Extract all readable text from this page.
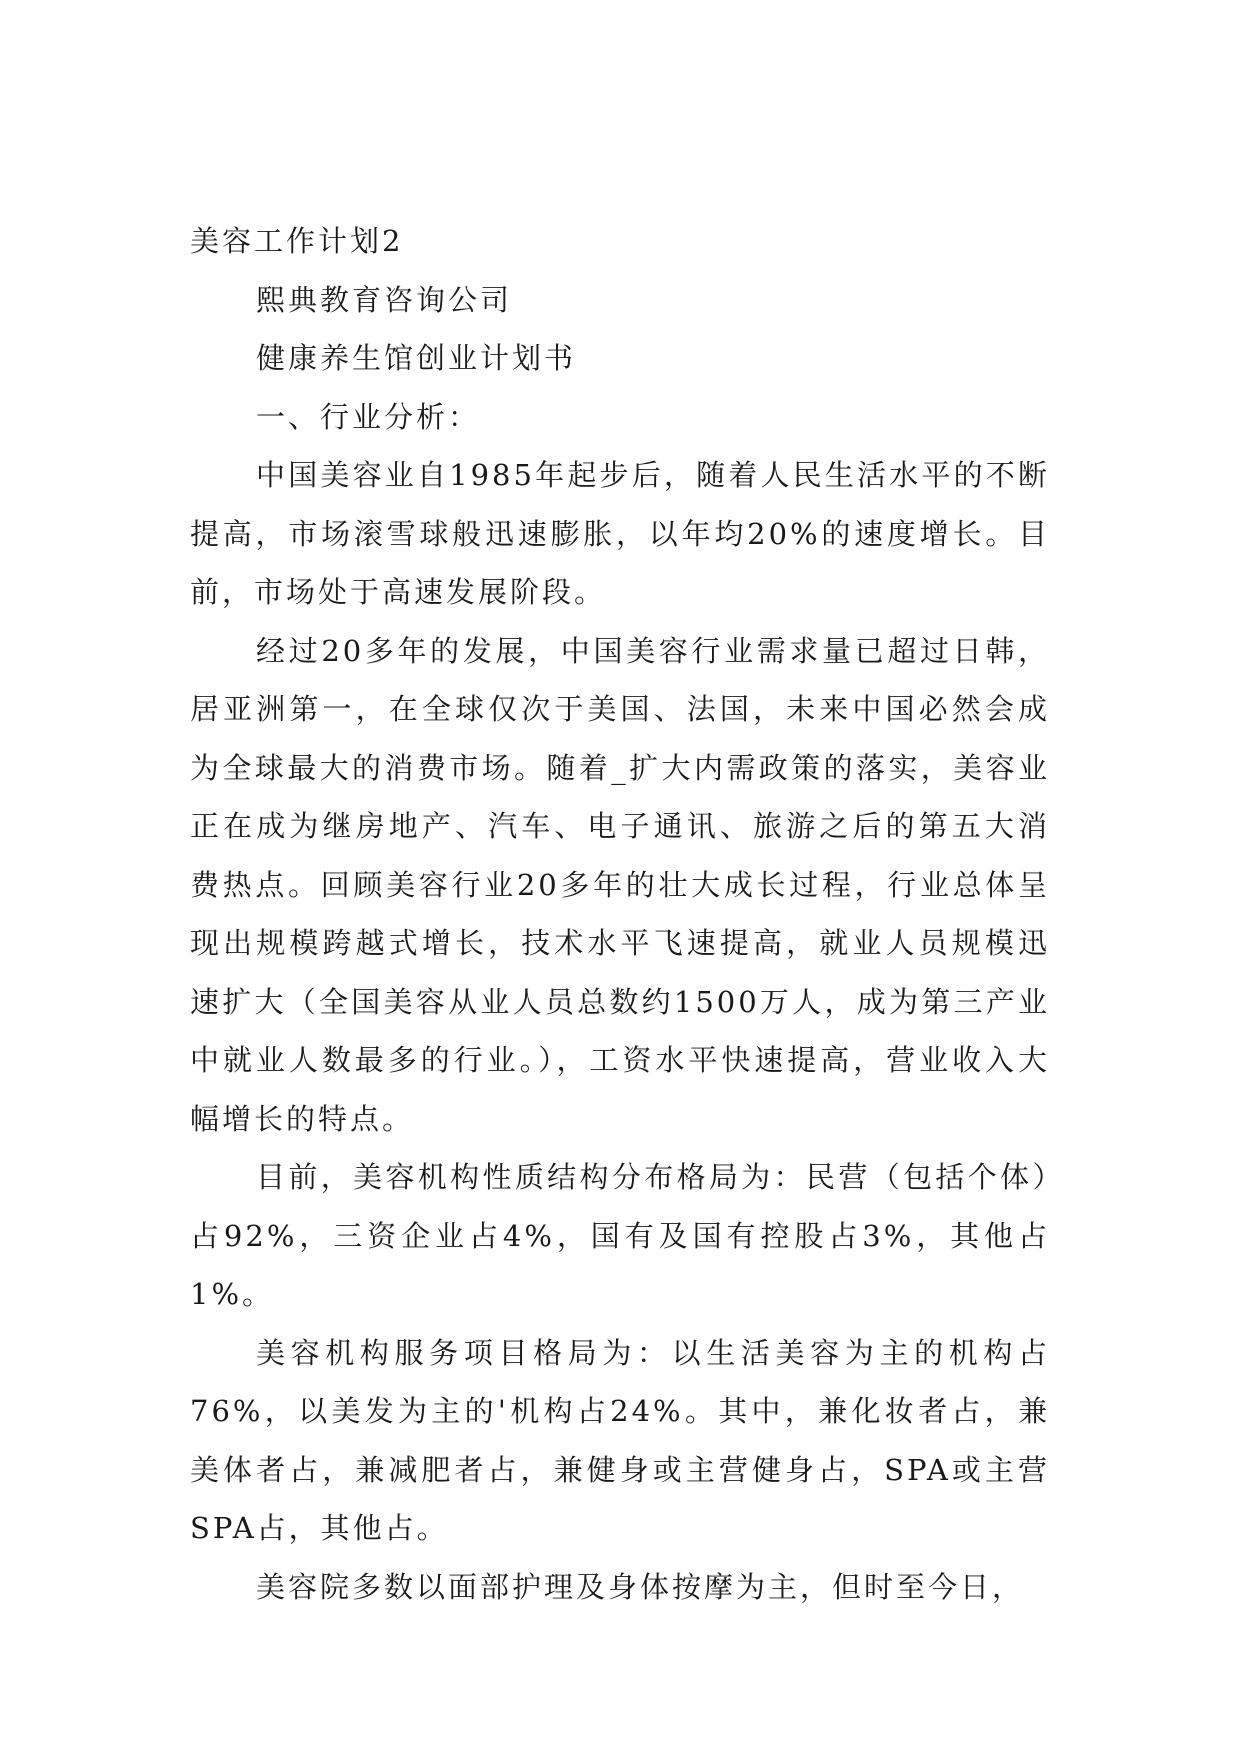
美容工作计划2
熙典教育咨询公司
健康养生馆创业计划书
一、行业分析：

中国美容业自1985年起步后，随着人民生活水平的不断提高，市场滚雪球般迅速膨胀，以年均20%的速度增长。目前，市场处于高速发展阶段。

经过20多年的发展，中国美容行业需求量已超过日韩，居亚洲第一，在全球仅次于美国、法国，未来中国必然会成为全球最大的消费市场。随着_扩大内需政策的落实，美容业正在成为继房地产、汽车、电子通讯、旅游之后的第五大消费热点。回顾美容行业20多年的壮大成长过程，行业总体呈现出规模跨越式增长，技术水平飞速提高，就业人员规模迅速扩大（全国美容从业人员总数约1500万人，成为第三产业中就业人数最多的行业。），工资水平快速提高，营业收入大幅增长的特点。

目前，美容机构性质结构分布格局为：民营（包括个体）占92%，三资企业占4%，国有及国有控股占3%，其他占1%。

美容机构服务项目格局为：以生活美容为主的机构占76%，以美发为主的'机构占24%。其中，兼化妆者占，兼美体者占，兼减肥者占，兼健身或主营健身占，SPA或主营SPA占，其他占。

美容院多数以面部护理及身体按摩为主，但时至今日，
